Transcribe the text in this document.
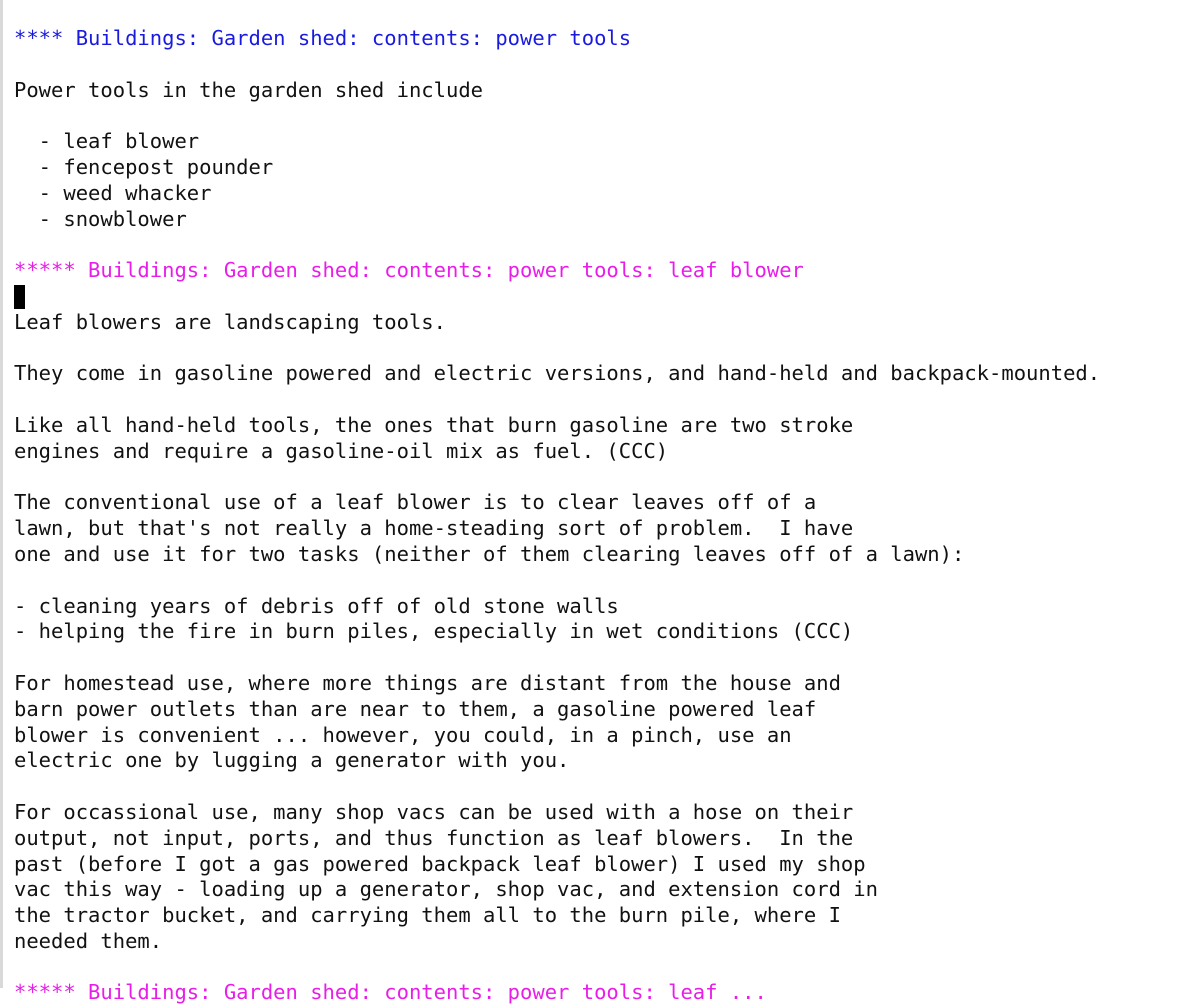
**** Buildings: Garden shed: contents: power tools
Power tools in the garden shed include
- leaf blower
- fencepost pounder
- weed whacker
- snowblower
***** Buildings: Garden shed: contents: power tools: leaf blower
Leaf blowers are landscaping tools.
They come in gasoline powered and electric versions, and hand-held and backpack-mounted.
Like all hand-held tools, the ones that burn gasoline are two stroke
engines and require a gasoline-oil mix as fuel. (CCC)
The conventional use of a leaf blower is to clear leaves off of a
lawn, but that's not really a home-steading sort of problem.  I have
one and use it for two tasks (neither of them clearing leaves off of a lawn):
- cleaning years of debris off of old stone walls
- helping the fire in burn piles, especially in wet conditions (CCC)
For homestead use, where more things are distant from the house and
barn power outlets than are near to them, a gasoline powered leaf
blower is convenient ... however, you could, in a pinch, use an
electric one by lugging a generator with you.
For occassional use, many shop vacs can be used with a hose on their
output, not input, ports, and thus function as leaf blowers.  In the
past (before I got a gas powered backpack leaf blower) I used my shop
vac this way - loading up a generator, shop vac, and extension cord in
the tractor bucket, and carrying them all to the burn pile, where I
needed them.
***** Buildings: Garden shed: contents: power tools: leaf ...
